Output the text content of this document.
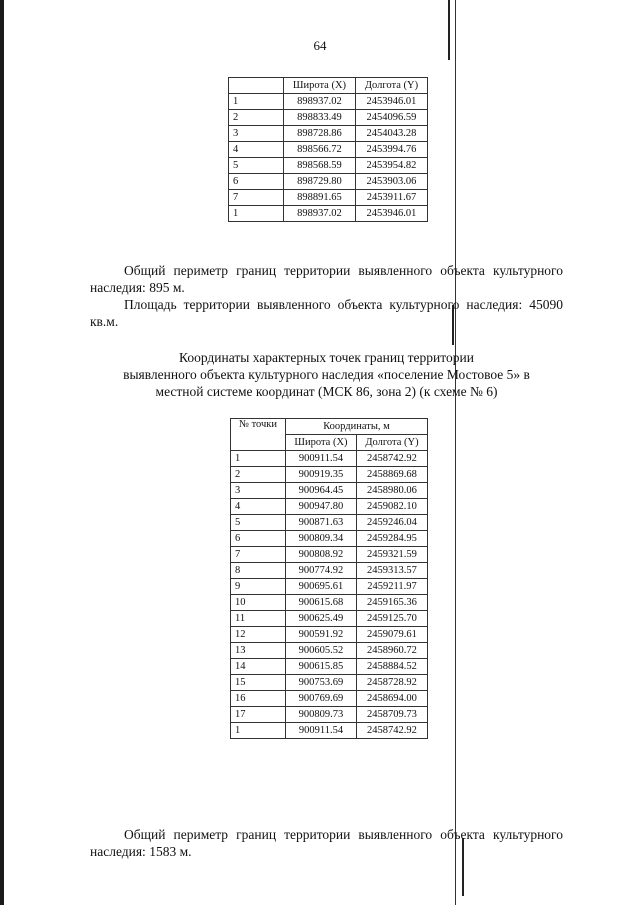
64
	Широта (X)	Долгота (Y)
1	898937.02	2453946.01
2	898833.49	2454096.59
3	898728.86	2454043.28
4	898566.72	2453994.76
5	898568.59	2453954.82
6	898729.80	2453903.06
7	898891.65	2453911.67
1	898937.02	2453946.01
Общий периметр границ территории выявленного объекта культурного наследия: 895 м.
Площадь территории выявленного объекта культурного наследия: 45090 кв.м.
Координаты характерных точек границ территории
выявленного объекта культурного наследия «поселение Мостовое 5» в
местной системе координат (МСК 86, зона 2) (к схеме № 6)
№ точки	Координаты, м	
	Широта (X)	Долгота (Y)
1	900911.54	2458742.92
2	900919.35	2458869.68
3	900964.45	2458980.06
4	900947.80	2459082.10
5	900871.63	2459246.04
6	900809.34	2459284.95
7	900808.92	2459321.59
8	900774.92	2459313.57
9	900695.61	2459211.97
10	900615.68	2459165.36
11	900625.49	2459125.70
12	900591.92	2459079.61
13	900605.52	2458960.72
14	900615.85	2458884.52
15	900753.69	2458728.92
16	900769.69	2458694.00
17	900809.73	2458709.73
1	900911.54	2458742.92
Общий периметр границ территории выявленного объекта культурного наследия: 1583 м.
